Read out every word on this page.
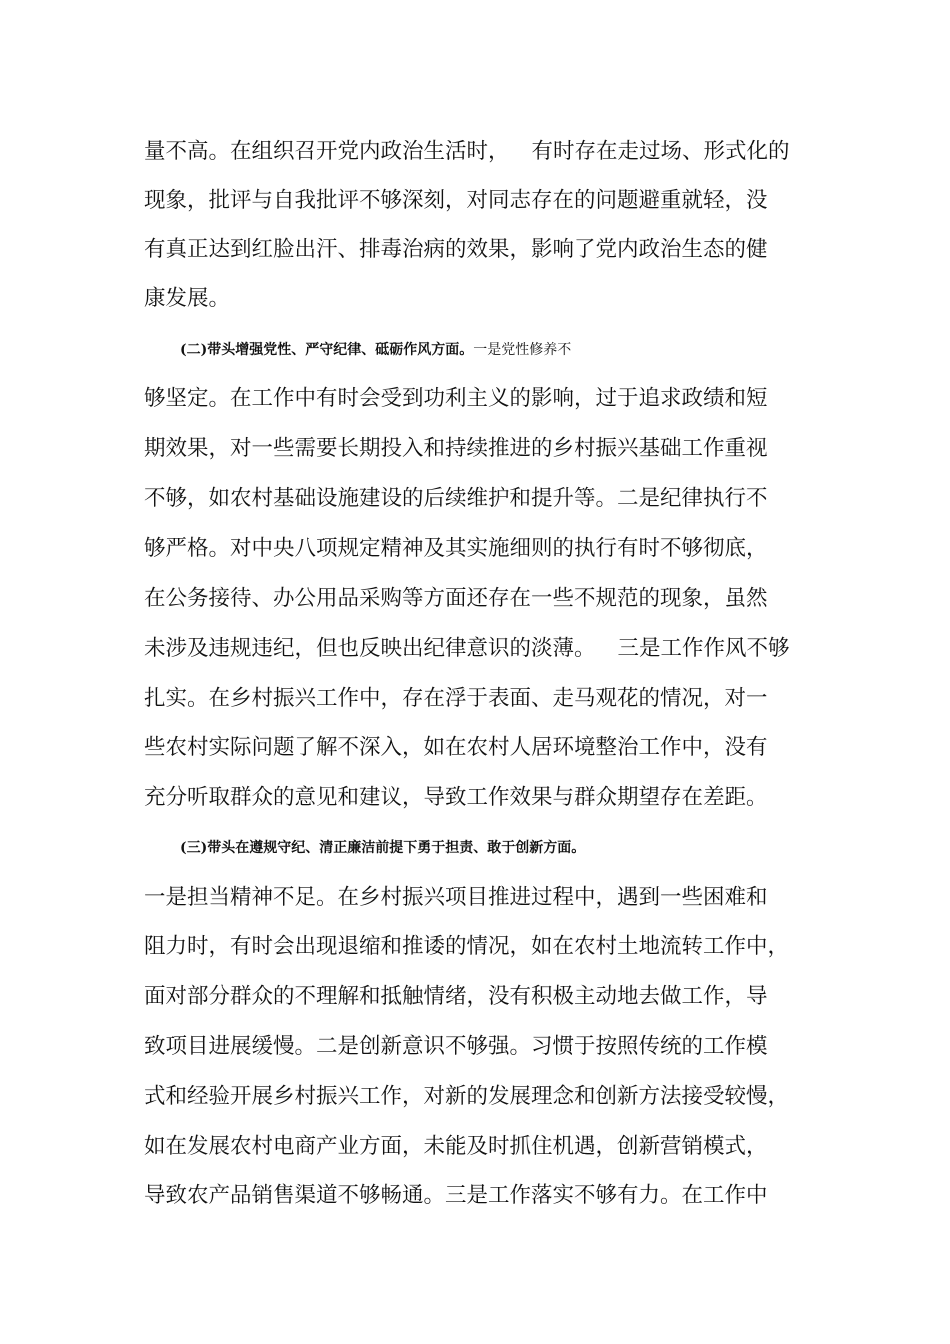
量不高。在组织召开党内政治生活时， 有时存在走过场、形式化的

现象，批评与自我批评不够深刻，对同志存在的问题避重就轻，没

有真正达到红脸出汗、排毒治病的效果，影响了党内政治生态的健

康发展。

(二)带头增强党性、严守纪律、砥砺作风方面。一是党性修养不

够坚定。在工作中有时会受到功利主义的影响，过于追求政绩和短

期效果，对一些需要长期投入和持续推进的乡村振兴基础工作重视

不够，如农村基础设施建设的后续维护和提升等。二是纪律执行不

够严格。对中央八项规定精神及其实施细则的执行有时不够彻底，

在公务接待、办公用品采购等方面还存在一些不规范的现象，虽然

未涉及违规违纪，但也反映出纪律意识的淡薄。 三是工作作风不够

扎实。在乡村振兴工作中，存在浮于表面、走马观花的情况，对一

些农村实际问题了解不深入，如在农村人居环境整治工作中，没有

充分听取群众的意见和建议，导致工作效果与群众期望存在差距。

(三)带头在遵规守纪、清正廉洁前提下勇于担责、敢于创新方面。

一是担当精神不足。在乡村振兴项目推进过程中，遇到一些困难和

阻力时，有时会出现退缩和推诿的情况，如在农村土地流转工作中，

面对部分群众的不理解和抵触情绪，没有积极主动地去做工作，导

致项目进展缓慢。二是创新意识不够强。习惯于按照传统的工作模

式和经验开展乡村振兴工作，对新的发展理念和创新方法接受较慢，

如在发展农村电商产业方面，未能及时抓住机遇，创新营销模式，

导致农产品销售渠道不够畅通。三是工作落实不够有力。在工作中
